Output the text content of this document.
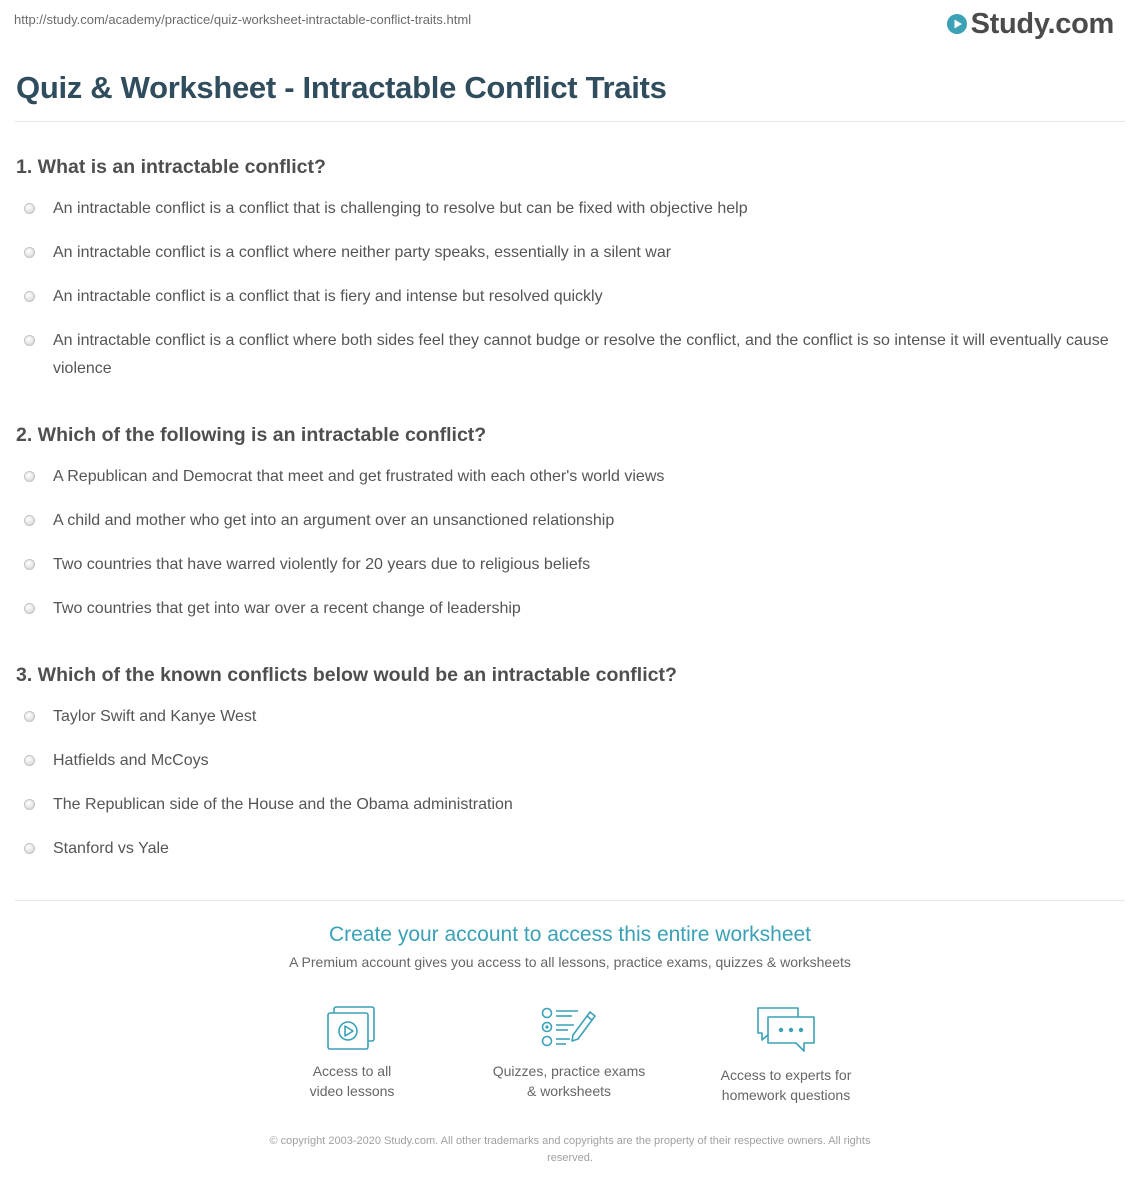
http://study.com/academy/practice/quiz-worksheet-intractable-conflict-traits.html	Study.com
Quiz & Worksheet - Intractable Conflict Traits
1. What is an intractable conflict?
An intractable conflict is a conflict that is challenging to resolve but can be fixed with objective help
An intractable conflict is a conflict where neither party speaks, essentially in a silent war
An intractable conflict is a conflict that is fiery and intense but resolved quickly
An intractable conflict is a conflict where both sides feel they cannot budge or resolve the conflict, and the conflict is so intense it will eventually cause violence
2. Which of the following is an intractable conflict?
A Republican and Democrat that meet and get frustrated with each other's world views
A child and mother who get into an argument over an unsanctioned relationship
Two countries that have warred violently for 20 years due to religious beliefs
Two countries that get into war over a recent change of leadership
3. Which of the known conflicts below would be an intractable conflict?
Taylor Swift and Kanye West
Hatfields and McCoys
The Republican side of the House and the Obama administration
Stanford vs Yale
Create your account to access this entire worksheet
A Premium account gives you access to all lessons, practice exams, quizzes & worksheets
Access to all
video lessons
Quizzes, practice exams
& worksheets
Access to experts for
homework questions
© copyright 2003-2020 Study.com. All other trademarks and copyrights are the property of their respective owners. All rights
reserved.
